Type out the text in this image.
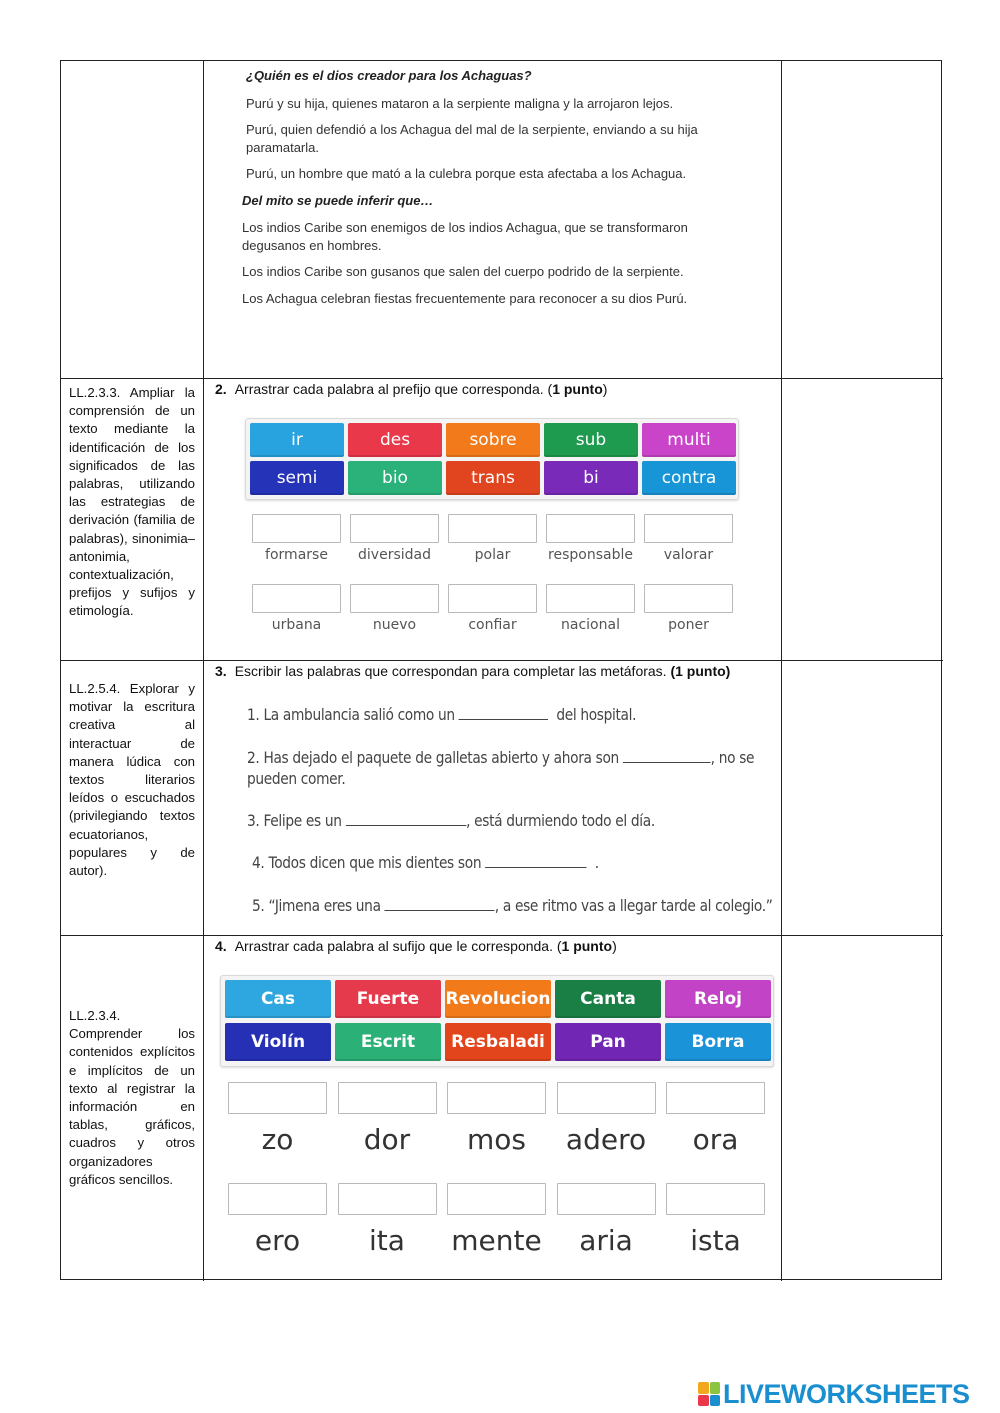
¿Quién es el dios creador para los Achaguas?
Purú y su hija, quienes mataron a la serpiente maligna y la arrojaron lejos.
Purú, quien defendió a los Achagua del mal de la serpiente, enviando a su hija paramatarla.
Purú, un hombre que mató a la culebra porque esta afectaba a los Achagua.
Del mito se puede inferir que…
Los indios Caribe son enemigos de los indios Achagua, que se transformaron degusanos en hombres.
Los indios Caribe son gusanos que salen del cuerpo podrido de la serpiente.
Los Achagua celebran fiestas frecuentemente para reconocer a su dios Purú.
LL.2.3.3. Ampliar la comprensión de un texto mediante la identificación de los significados de las palabras, utilizando las estrategias de derivación (familia de palabras), sinonimia–antonimia, contextualización, prefijos y sufijos y etimología.
2. Arrastrar cada palabra al prefijo que corresponda. (1 punto)
ir	des	sobre	sub	multi
semi	bio	trans	bi	contra
formarse	diversidad	polar	responsable	valorar
urbana	nuevo	confiar	nacional	poner
LL.2.5.4. Explorar y motivar la escritura creativa al interactuar de manera lúdica con textos literarios leídos o escuchados (privilegiando textos ecuatorianos, populares y de autor).
3. Escribir las palabras que correspondan para completar las metáforas. (1 punto)
1. La ambulancia salió como un	del hospital.
2. Has dejado el paquete de galletas abierto y ahora son	, no se
pueden comer.
3. Felipe es un	, está durmiendo todo el día.
4. Todos dicen que mis dientes son	.
5. “Jimena eres una	, a ese ritmo vas a llegar tarde al colegio.”
LL.2.3.4. Comprender los contenidos explícitos e implícitos de un texto al registrar la información en tablas, gráficos, cuadros y otros organizadores gráficos sencillos.
4. Arrastrar cada palabra al sufijo que le corresponda. (1 punto)
Cas	Fuerte	Revolucion	Canta	Reloj
Violín	Escrit	Resbaladi	Pan	Borra
zo	dor	mos	adero	ora
ero	ita	mente	aria	ista
LIVEWORKSHEETS
